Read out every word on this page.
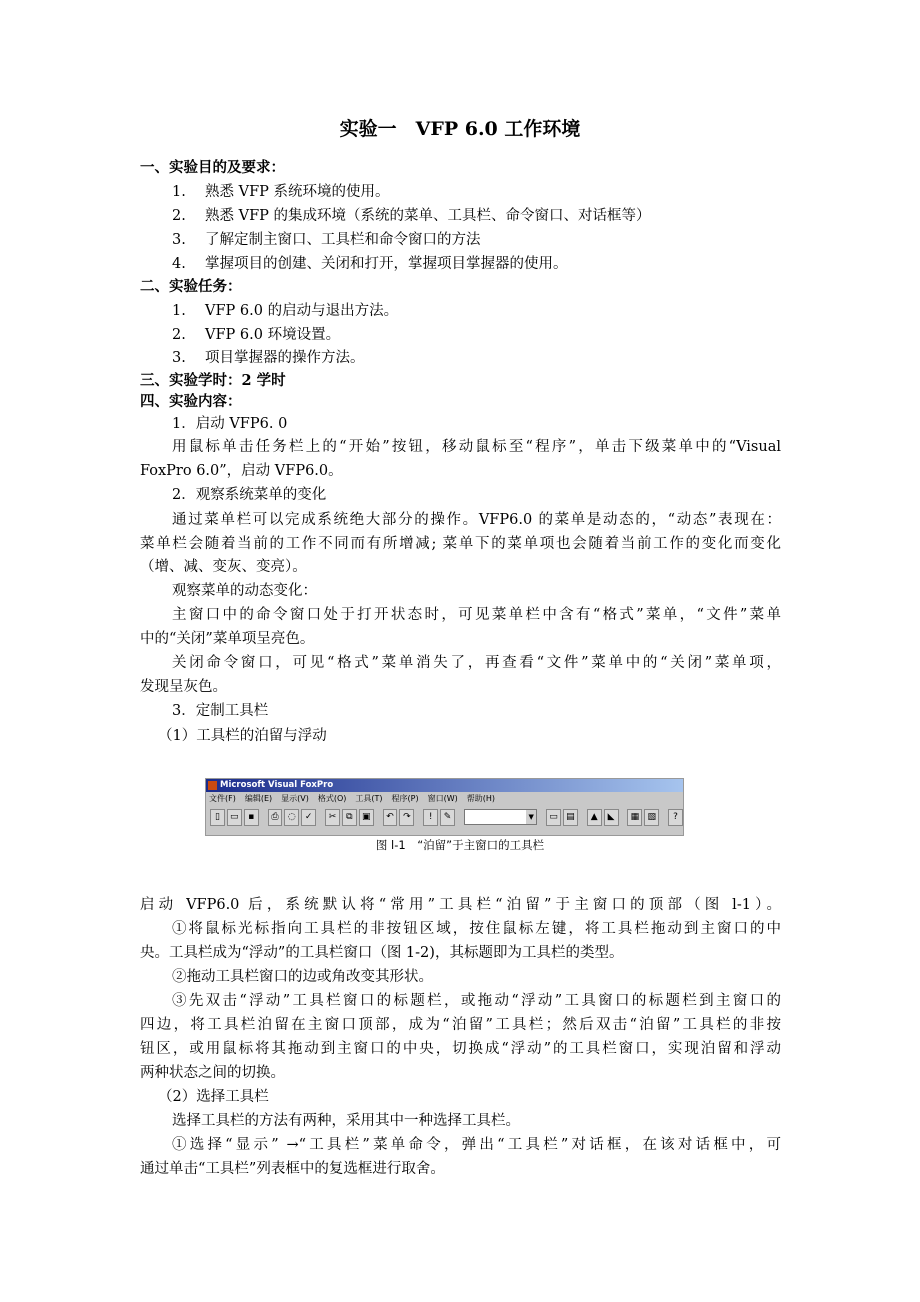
实验一　VFP 6.0 工作环境
一、实验目的及要求：
1. 熟悉 VFP 系统环境的使用。
2. 熟悉 VFP 的集成环境（系统的菜单、工具栏、命令窗口、对话框等）
3. 了解定制主窗口、工具栏和命令窗口的方法
4. 掌握项目的创建、关闭和打开，掌握项目掌握器的使用。
二、实验任务：
1. VFP 6.0 的启动与退出方法。
2. VFP 6.0 环境设置。
3. 项目掌握器的操作方法。
三、实验学时：2 学时
四、实验内容：
1．启动 VFP6. 0
用鼠标单击任务栏上的“开始”按钮，移动鼠标至“程序”，单击下级菜单中的“Visual
FoxPro 6.0”，启动 VFP6.0。
2．观察系统菜单的变化
通过菜单栏可以完成系统绝大部分的操作。VFP6.0 的菜单是动态的，“动态”表现在：
菜单栏会随着当前的工作不同而有所增减; 菜单下的菜单项也会随着当前工作的变化而变化
（增、减、变灰、变亮）。
观察菜单的动态变化：
主窗口中的命令窗口处于打开状态时，可见菜单栏中含有“格式”菜单，“文件”菜单
中的“关闭”菜单项呈亮色。
关闭命令窗口，可见“格式”菜单消失了，再查看“文件”菜单中的“关闭”菜单项，
发现呈灰色。
3．定制工具栏
（1）工具栏的泊留与浮动
Microsoft Visual FoxPro
文件(F) 编辑(E) 显示(V) 格式(O) 工具(T) 程序(P) 窗口(W) 帮助(H)
▯	▭	▪	⎙	◌	✓	✂	⧉	▣	↶	↷	!	✎	▼	▭ ▤	▲	◣	▦ ▧	?
图 l-1　“泊留”于主窗口的工具栏
启动 VFP6.0 后，系统默认将“常用”工具栏“泊留”于主窗口的顶部（图 l-1）。
①将鼠标光标指向工具栏的非按钮区域，按住鼠标左键，将工具栏拖动到主窗口的中
央。工具栏成为“浮动”的工具栏窗口（图 1-2)，其标题即为工具栏的类型。
②拖动工具栏窗口的边或角改变其形状。
③先双击“浮动”工具栏窗口的标题栏，或拖动“浮动”工具窗口的标题栏到主窗口的
四边，将工具栏泊留在主窗口顶部，成为“泊留”工具栏；然后双击“泊留”工具栏的非按
钮区，或用鼠标将其拖动到主窗口的中央，切换成“浮动”的工具栏窗口，实现泊留和浮动
两种状态之间的切换。
（2）选择工具栏
选择工具栏的方法有两种，采用其中一种选择工具栏。
①选择“显示” →“工具栏”菜单命令，弹出“工具栏”对话框，在该对话框中，可
通过单击“工具栏”列表框中的复选框进行取舍。
